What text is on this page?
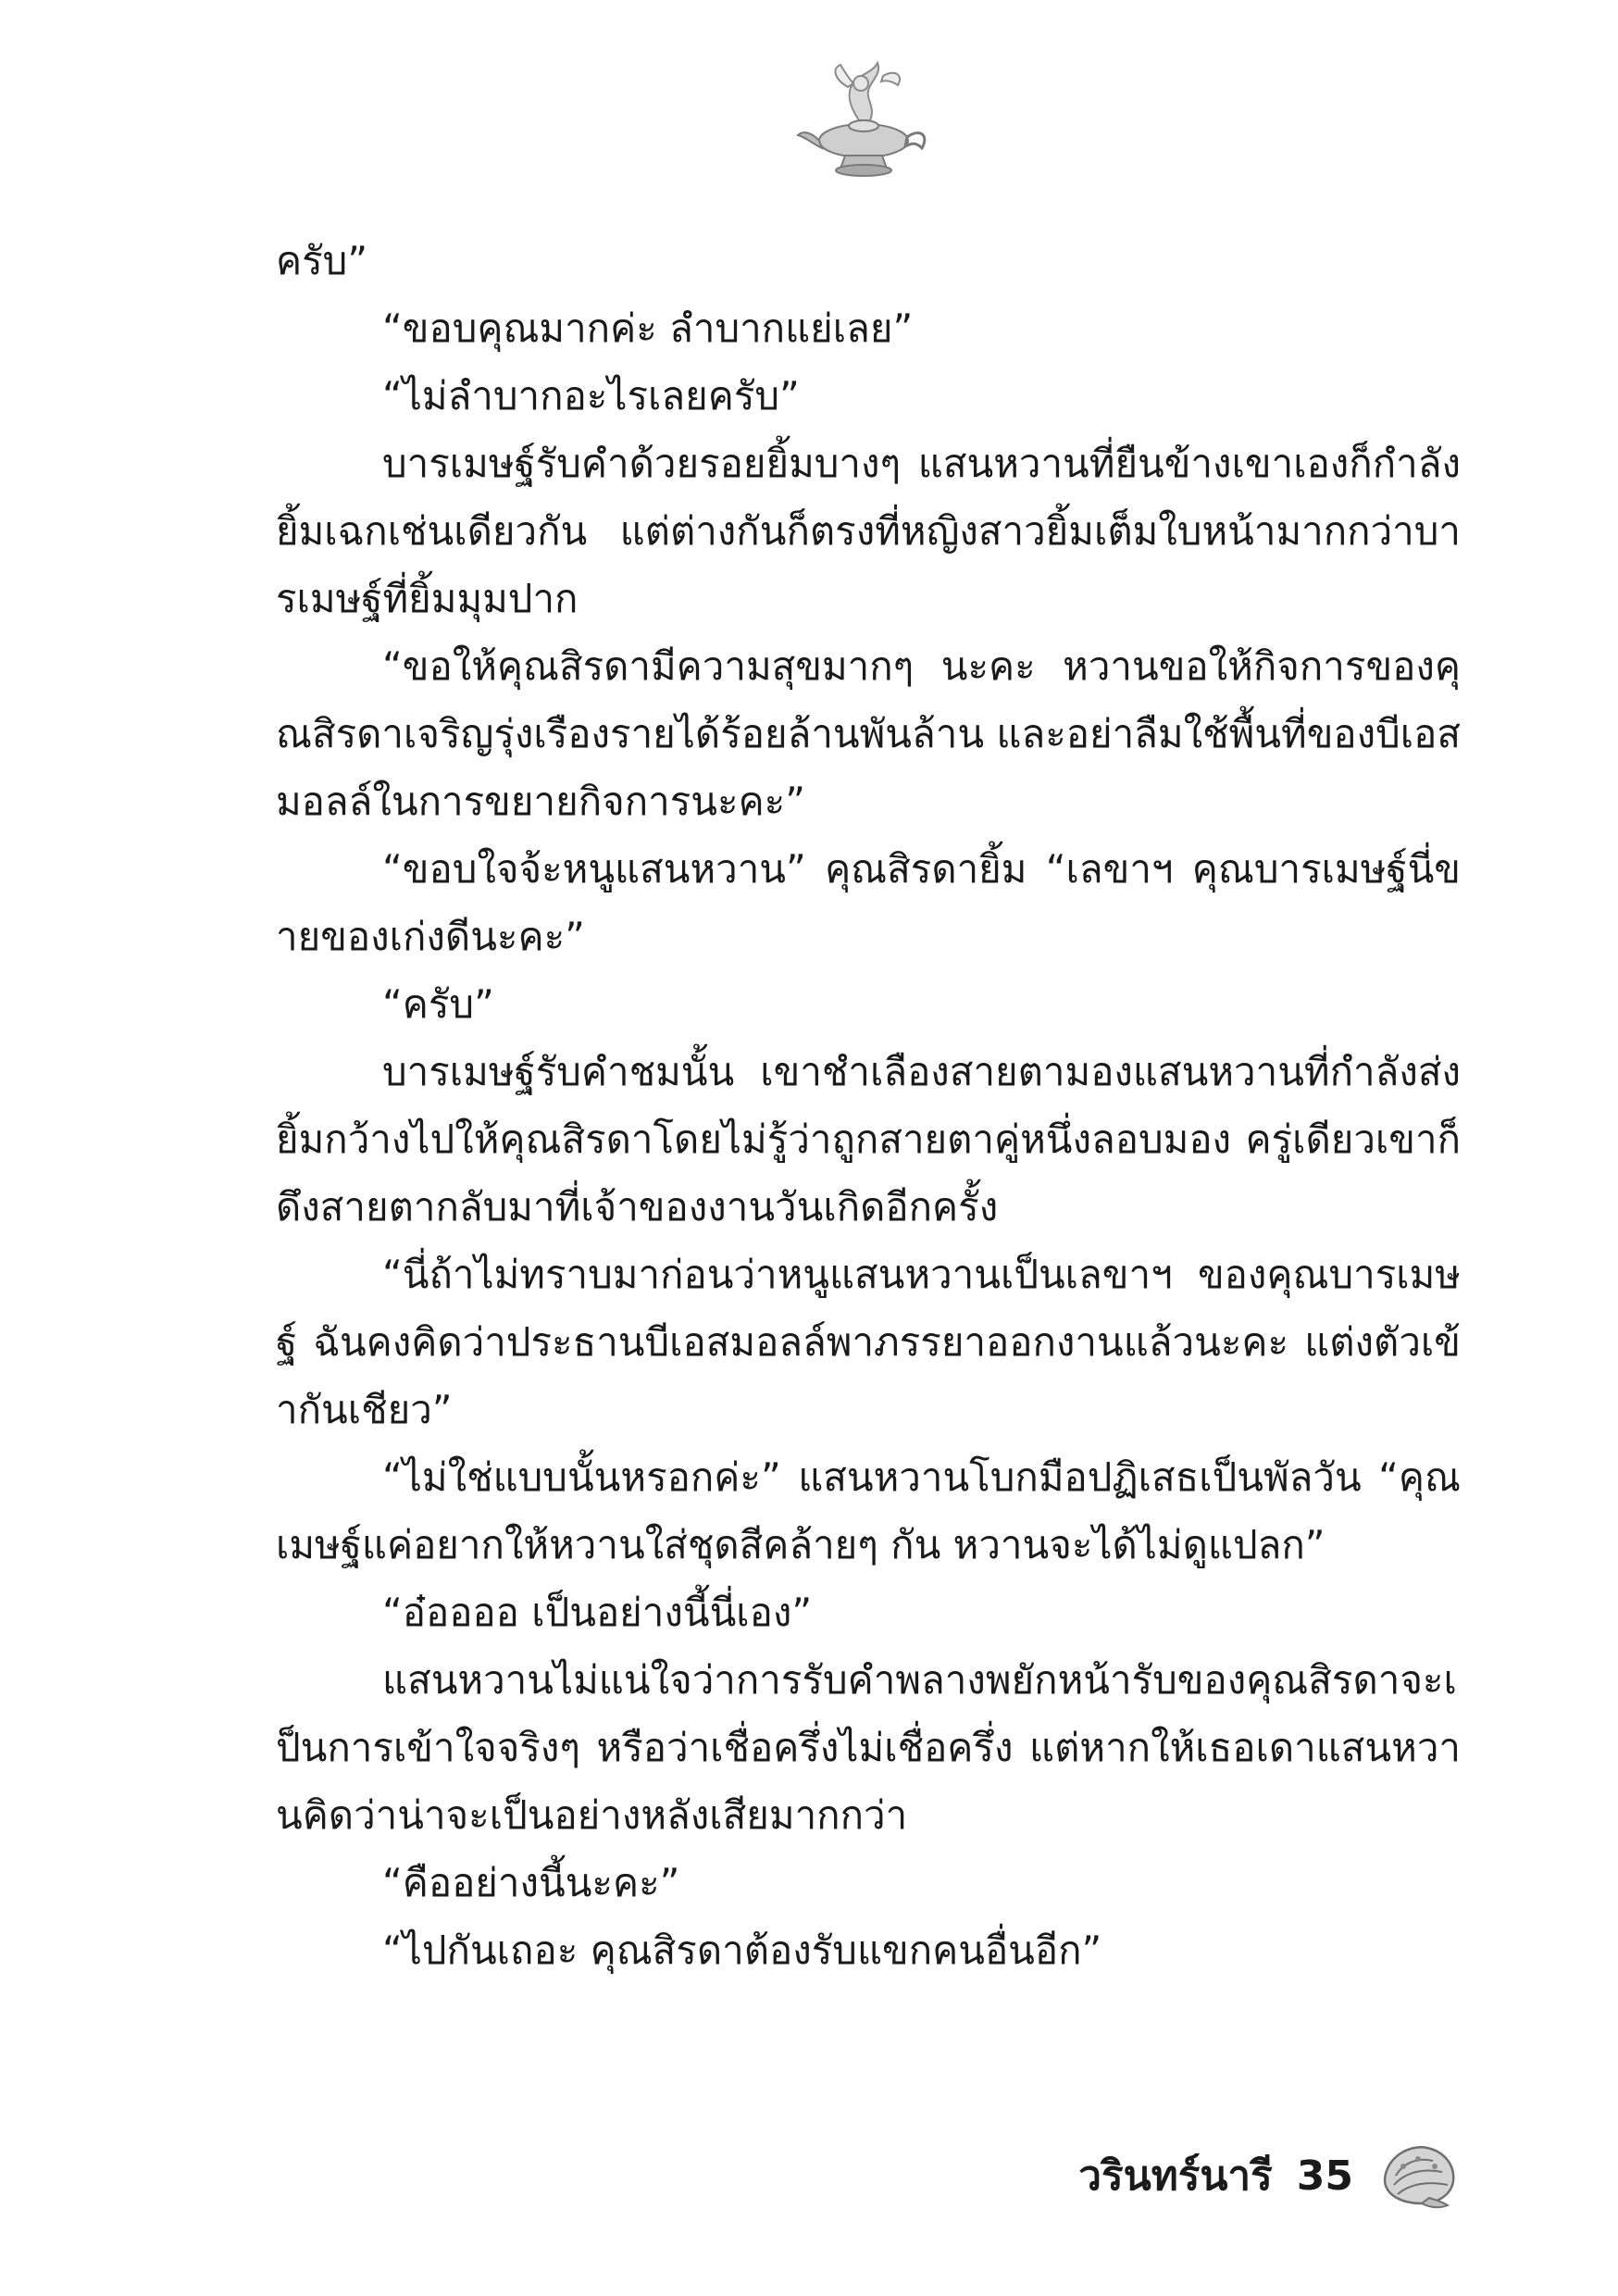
ครับ”

“ขอบคุณมากค่ะ ลำบากแย่เลย”

“ไม่ลำบากอะไรเลยครับ”

บารเมษฐ์รับคำด้วยรอยยิ้มบางๆ แสนหวานที่ยืนข้างเขาเองก็กำลังยิ้มเฉกเช่นเดียวกัน แต่ต่างกันก็ตรงที่หญิงสาวยิ้มเต็มใบหน้ามากกว่าบารเมษฐ์ที่ยิ้มมุมปาก

“ขอให้คุณสิรดามีความสุขมากๆ นะคะ หวานขอให้กิจการของคุณสิรดาเจริญรุ่งเรืองรายได้ร้อยล้านพันล้าน และอย่าลืมใช้พื้นที่ของบีเอสมอลล์ในการขยายกิจการนะคะ”

“ขอบใจจ้ะหนูแสนหวาน” คุณสิรดายิ้ม “เลขาฯ คุณบารเมษฐ์นี่ขายของเก่งดีนะคะ”

“ครับ”

บารเมษฐ์รับคำชมนั้น เขาชำเลืองสายตามองแสนหวานที่กำลังส่งยิ้มกว้างไปให้คุณสิรดาโดยไม่รู้ว่าถูกสายตาคู่หนึ่งลอบมอง ครู่เดียวเขาก็ดึงสายตากลับมาที่เจ้าของงานวันเกิดอีกครั้ง

“นี่ถ้าไม่ทราบมาก่อนว่าหนูแสนหวานเป็นเลขาฯ ของคุณบารเมษฐ์ ฉันคงคิดว่าประธานบีเอสมอลล์พาภรรยาออกงานแล้วนะคะ แต่งตัวเข้ากันเชียว”

“ไม่ใช่แบบนั้นหรอกค่ะ” แสนหวานโบกมือปฏิเสธเป็นพัลวัน “คุณเมษฐ์แค่อยากให้หวานใส่ชุดสีคล้ายๆ กัน หวานจะได้ไม่ดูแปลก”

“อ๋ออออ เป็นอย่างนี้นี่เอง”

แสนหวานไม่แน่ใจว่าการรับคำพลางพยักหน้ารับของคุณสิรดาจะเป็นการเข้าใจจริงๆ หรือว่าเชื่อครึ่งไม่เชื่อครึ่ง แต่หากให้เธอเดาแสนหวานคิดว่าน่าจะเป็นอย่างหลังเสียมากกว่า

“คืออย่างนี้นะคะ”

“ไปกันเถอะ คุณสิรดาต้องรับแขกคนอื่นอีก”

วรินทร์นารี 35
